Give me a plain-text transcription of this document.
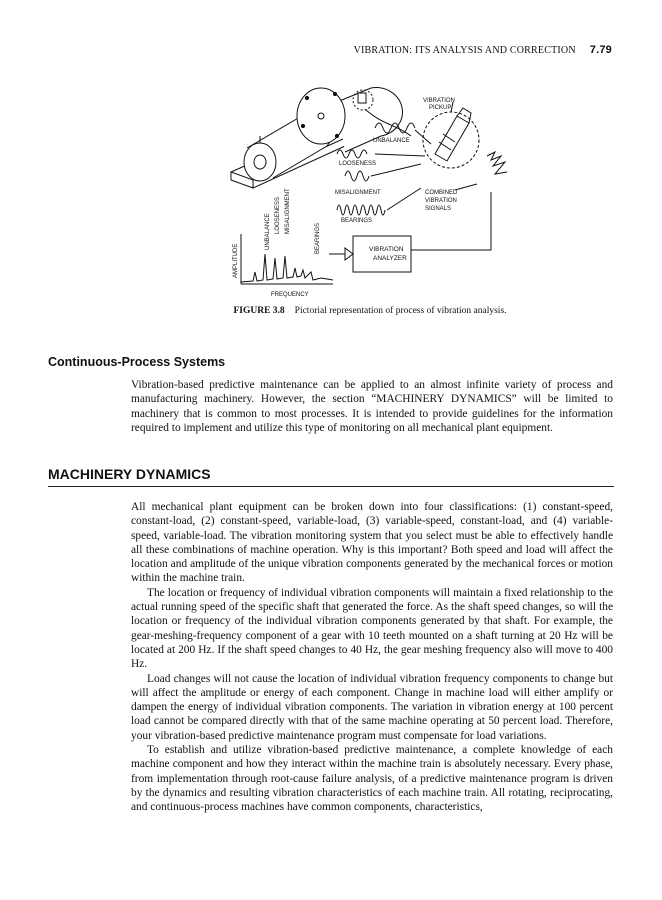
VIBRATION: ITS ANALYSIS AND CORRECTION 7.79
VIBRATION
PICKUP
UNBALANCE
LOOSENESS
MISALIGNMENT
BEARINGS
COMBINED
VIBRATION
SIGNALS
VIBRATION
ANALYZER
AMPLITUDE
FREQUENCY
UNBALANCE LOOSENESS MISALIGNMENT
BEARINGS
FIGURE 3.8 Pictorial representation of process of vibration analysis.
Continuous-Process Systems

Vibration-based predictive maintenance can be applied to an almost infinite variety of process and manufacturing machinery. However, the section “MACHINERY DYNAMICS” will be limited to machinery that is common to most processes. It is intended to provide guidelines for the information required to implement and utilize this type of monitoring on all mechanical plant equipment.

MACHINERY DYNAMICS

All mechanical plant equipment can be broken down into four classifications: (1) constant-speed, constant-load, (2) constant-speed, variable-load, (3) variable-speed, constant-load, and (4) variable-speed, variable-load. The vibration monitoring system that you select must be able to effectively handle all these combinations of machine operation. Why is this important? Both speed and load will affect the location and amplitude of the unique vibration components generated by the mechanical forces or motion within the machine train.

The location or frequency of individual vibration components will maintain a fixed relationship to the actual running speed of the specific shaft that generated the force. As the shaft speed changes, so will the location or frequency of the individual vibration components generated by that shaft. For example, the gear-meshing-frequency component of a gear with 10 teeth mounted on a shaft turning at 20 Hz will be located at 200 Hz. If the shaft speed changes to 40 Hz, the gear meshing frequency also will move to 400 Hz.

Load changes will not cause the location of individual vibration frequency components to change but will affect the amplitude or energy of each component. Change in machine load will either amplify or dampen the energy of individual vibration components. The variation in vibration energy at 100 percent load cannot be compared directly with that of the same machine operating at 50 percent load. Therefore, your vibration-based predictive maintenance program must compensate for load variations.

To establish and utilize vibration-based predictive maintenance, a complete knowledge of each machine component and how they interact within the machine train is absolutely necessary. Every phase, from implementation through root-cause failure analysis, of a predictive maintenance program is driven by the dynamics and resulting vibration characteristics of each machine train. All rotating, reciprocating, and continuous-process machines have common components, characteristics,
